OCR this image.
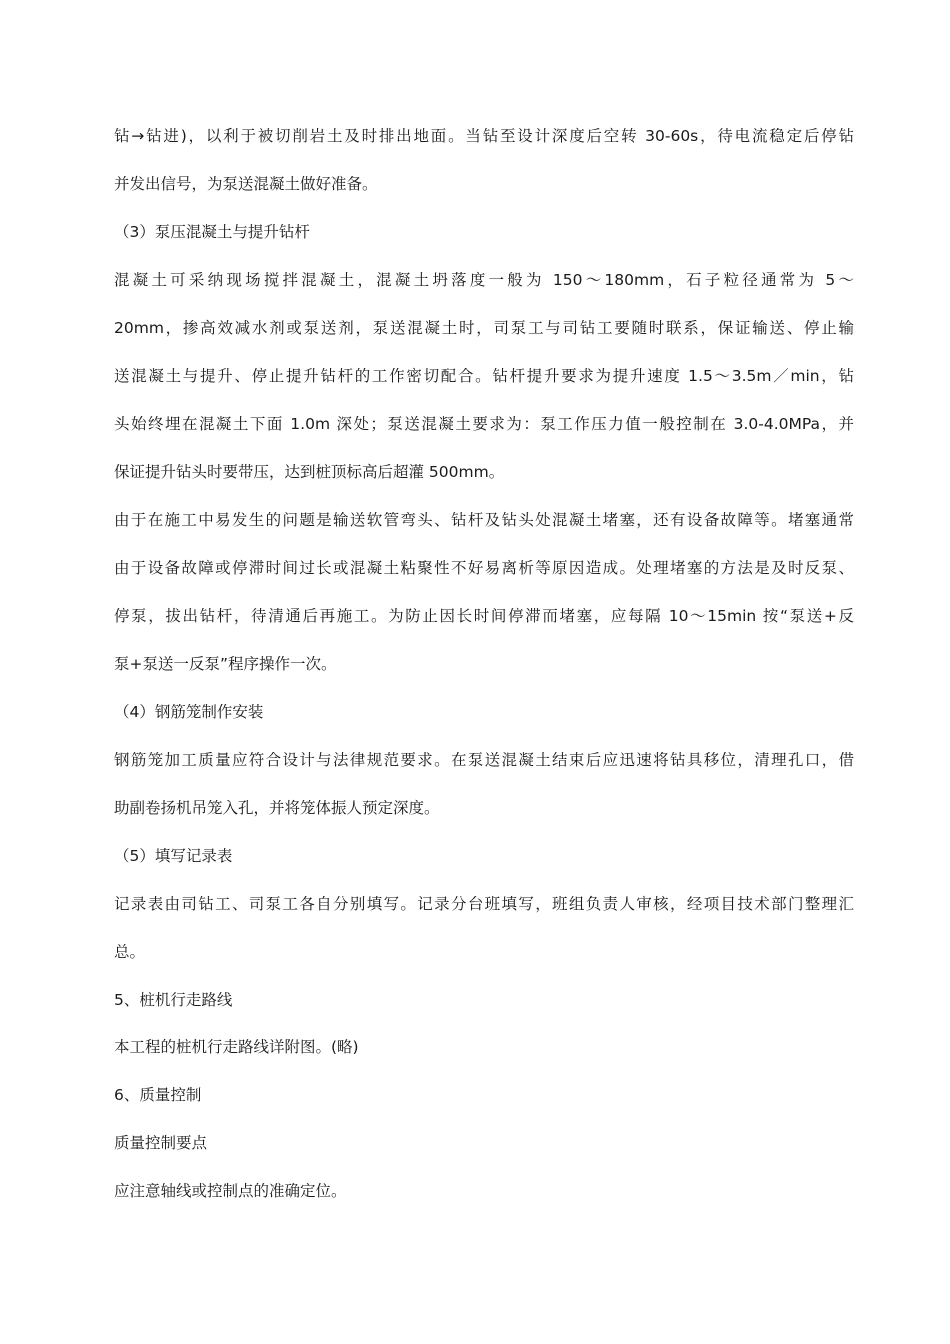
钻→钻进)，以利于被切削岩土及时排出地面。当钻至设计深度后空转 30-60s，待电流稳定后停钻
并发出信号，为泵送混凝土做好准备。
（3）泵压混凝土与提升钻杆
混凝土可采纳现场搅拌混凝土，混凝土坍落度一般为 150～180mm，石子粒径通常为 5～
20mm，掺高效减水剂或泵送剂，泵送混凝土时，司泵工与司钻工要随时联系，保证输送、停止输
送混凝土与提升、停止提升钻杆的工作密切配合。钻杆提升要求为提升速度 1.5～3.5m／min，钻
头始终埋在混凝土下面 1.0m 深处；泵送混凝土要求为：泵工作压力值一般控制在 3.0-4.0MPa，并
保证提升钻头时要带压，达到桩顶标高后超灌 500mm。
由于在施工中易发生的问题是输送软管弯头、钻杆及钻头处混凝土堵塞，还有设备故障等。堵塞通常
由于设备故障或停滞时间过长或混凝土粘聚性不好易离析等原因造成。处理堵塞的方法是及时反泵、
停泵，拔出钻杆，待清通后再施工。为防止因长时间停滞而堵塞，应每隔 10～15min 按“泵送+反
泵+泵送一反泵”程序操作一次。
（4）钢筋笼制作安装
钢筋笼加工质量应符合设计与法律规范要求。在泵送混凝土结束后应迅速将钻具移位，清理孔口，借
助副卷扬机吊笼入孔，并将笼体振人预定深度。
（5）填写记录表
记录表由司钻工、司泵工各自分别填写。记录分台班填写，班组负责人审核，经项目技术部门整理汇
总。
5、桩机行走路线
本工程的桩机行走路线详附图。(略)
6、质量控制
质量控制要点
应注意轴线或控制点的准确定位。
